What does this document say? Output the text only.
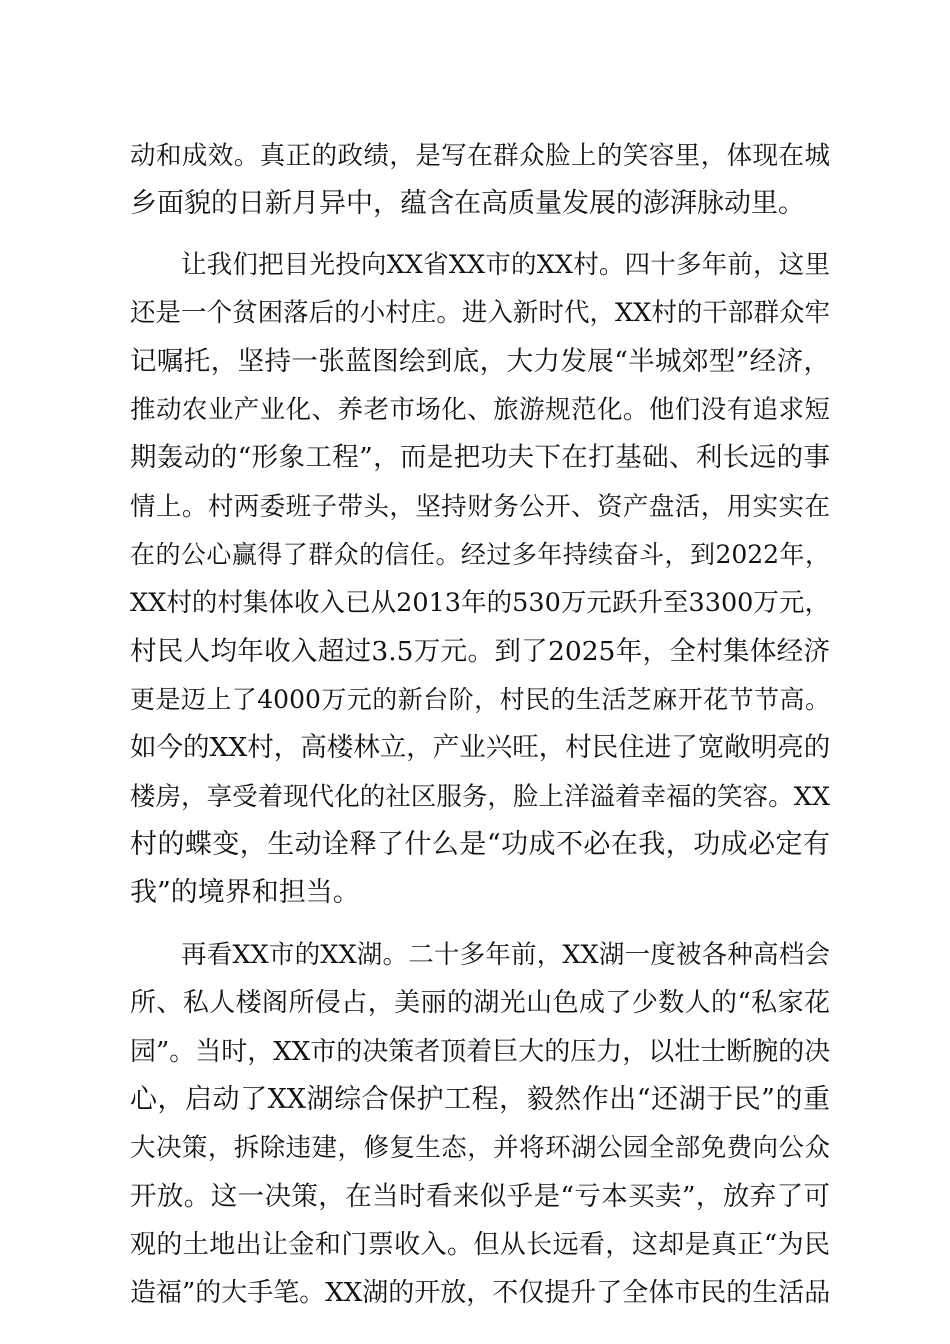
动和成效。真正的政绩，是写在群众脸上的笑容里，体现在城

乡面貌的日新月异中，蕴含在高质量发展的澎湃脉动里。

让我们把目光投向XX省XX市的XX村。四十多年前，这里

还是一个贫困落后的小村庄。进入新时代，XX村的干部群众牢

记嘱托，坚持一张蓝图绘到底，大力发展“半城郊型”经济，

推动农业产业化、养老市场化、旅游规范化。他们没有追求短

期轰动的“形象工程”，而是把功夫下在打基础、利长远的事

情上。村两委班子带头，坚持财务公开、资产盘活，用实实在

在的公心赢得了群众的信任。经过多年持续奋斗，到2022年，

XX村的村集体收入已从2013年的530万元跃升至3300万元，

村民人均年收入超过3.5万元。到了2025年，全村集体经济

更是迈上了4000万元的新台阶，村民的生活芝麻开花节节高。

如今的XX村，高楼林立，产业兴旺，村民住进了宽敞明亮的

楼房，享受着现代化的社区服务，脸上洋溢着幸福的笑容。XX

村的蝶变，生动诠释了什么是“功成不必在我，功成必定有

我”的境界和担当。

再看XX市的XX湖。二十多年前，XX湖一度被各种高档会

所、私人楼阁所侵占，美丽的湖光山色成了少数人的“私家花

园”。当时，XX市的决策者顶着巨大的压力，以壮士断腕的决

心，启动了XX湖综合保护工程，毅然作出“还湖于民”的重

大决策，拆除违建，修复生态，并将环湖公园全部免费向公众

开放。这一决策，在当时看来似乎是“亏本买卖”，放弃了可

观的土地出让金和门票收入。但从长远看，这却是真正“为民

造福”的大手笔。XX湖的开放，不仅提升了全体市民的生活品
